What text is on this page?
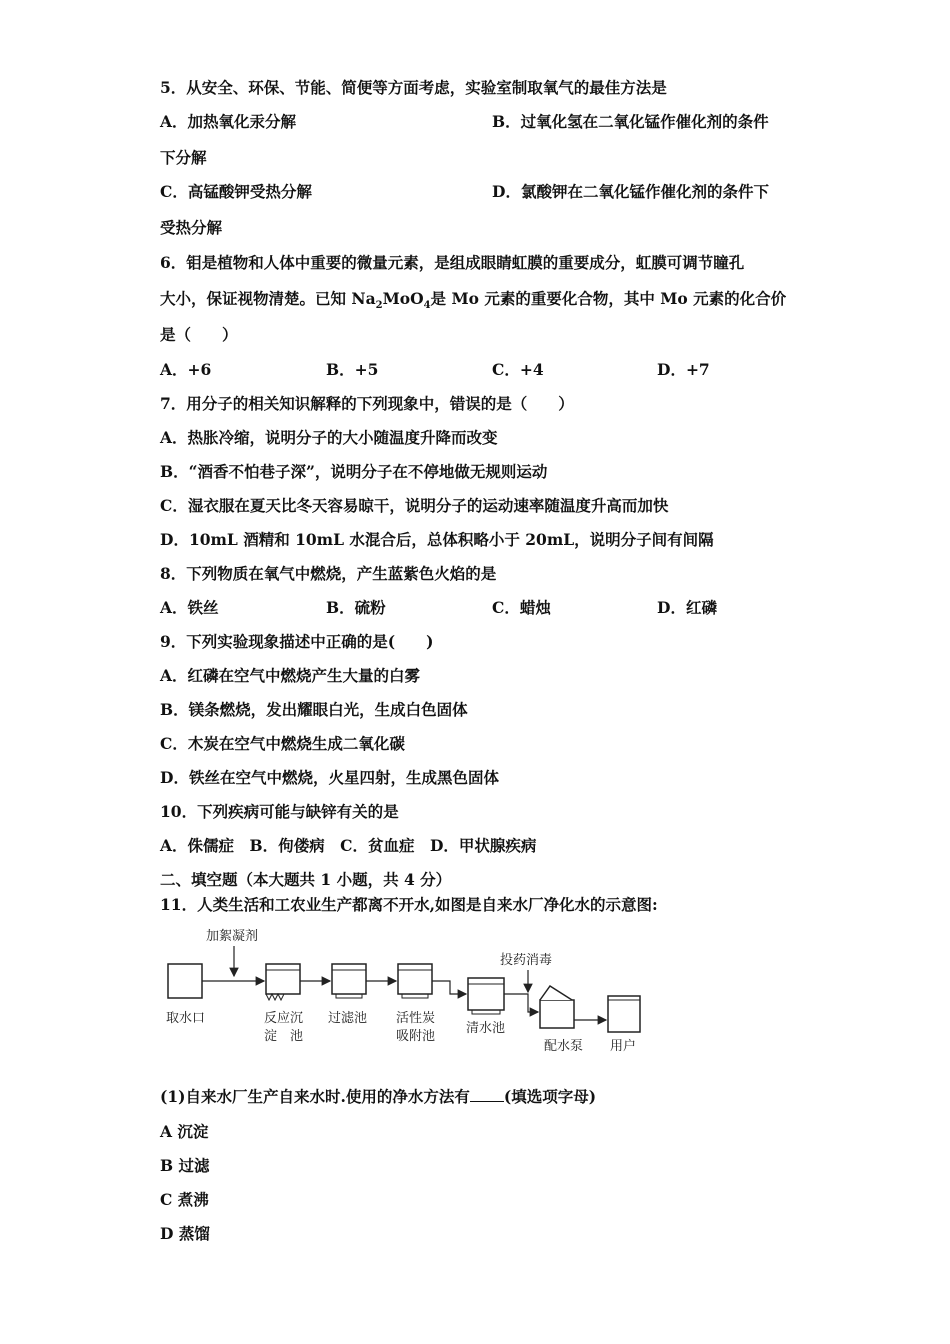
5．从安全、环保、节能、简便等方面考虑，实验室制取氧气的最佳方法是
A．加热氧化汞分解	B．过氧化氢在二氧化锰作催化剂的条件
下分解
C．高锰酸钾受热分解	D．氯酸钾在二氧化锰作催化剂的条件下
受热分解
6．钼是植物和人体中重要的微量元素，是组成眼睛虹膜的重要成分，虹膜可调节瞳孔
大小，保证视物清楚。已知 $Na_2MoO_4$是 Mo 元素的重要化合物，其中 Mo 元素的化合价
是（　　）
A．+6	B．+5	C．+4	D．+7
7．用分子的相关知识解释的下列现象中，错误的是（　　）
A．热胀冷缩，说明分子的大小随温度升降而改变
B．“酒香不怕巷子深”，说明分子在不停地做无规则运动
C．湿衣服在夏天比冬天容易晾干，说明分子的运动速率随温度升高而加快
D．10mL 酒精和 10mL 水混合后，总体积略小于 20mL，说明分子间有间隔
8．下列物质在氧气中燃烧，产生蓝紫色火焰的是
A．铁丝	B．硫粉	C．蜡烛	D．红磷
9．下列实验现象描述中正确的是(　　)
A．红磷在空气中燃烧产生大量的白雾
B．镁条燃烧，发出耀眼白光，生成白色固体
C．木炭在空气中燃烧生成二氧化碳
D．铁丝在空气中燃烧，火星四射，生成黑色固体
10．下列疾病可能与缺锌有关的是
A．侏儒症　B．佝偻病　C．贫血症　D．甲状腺疾病
二、填空题（本大题共 1 小题，共 4 分）
11．人类生活和工农业生产都离不开水,如图是自来水厂净化水的示意图:
加絮凝剂
取水口	反应沉
淀　池
过滤池 活性炭
吸附池
清水池
投药消毒
配水泵 用户
(1)自来水厂生产自来水时.使用的净水方法有 (填选项字母)
A 沉淀
B 过滤
C 煮沸
D 蒸馏
